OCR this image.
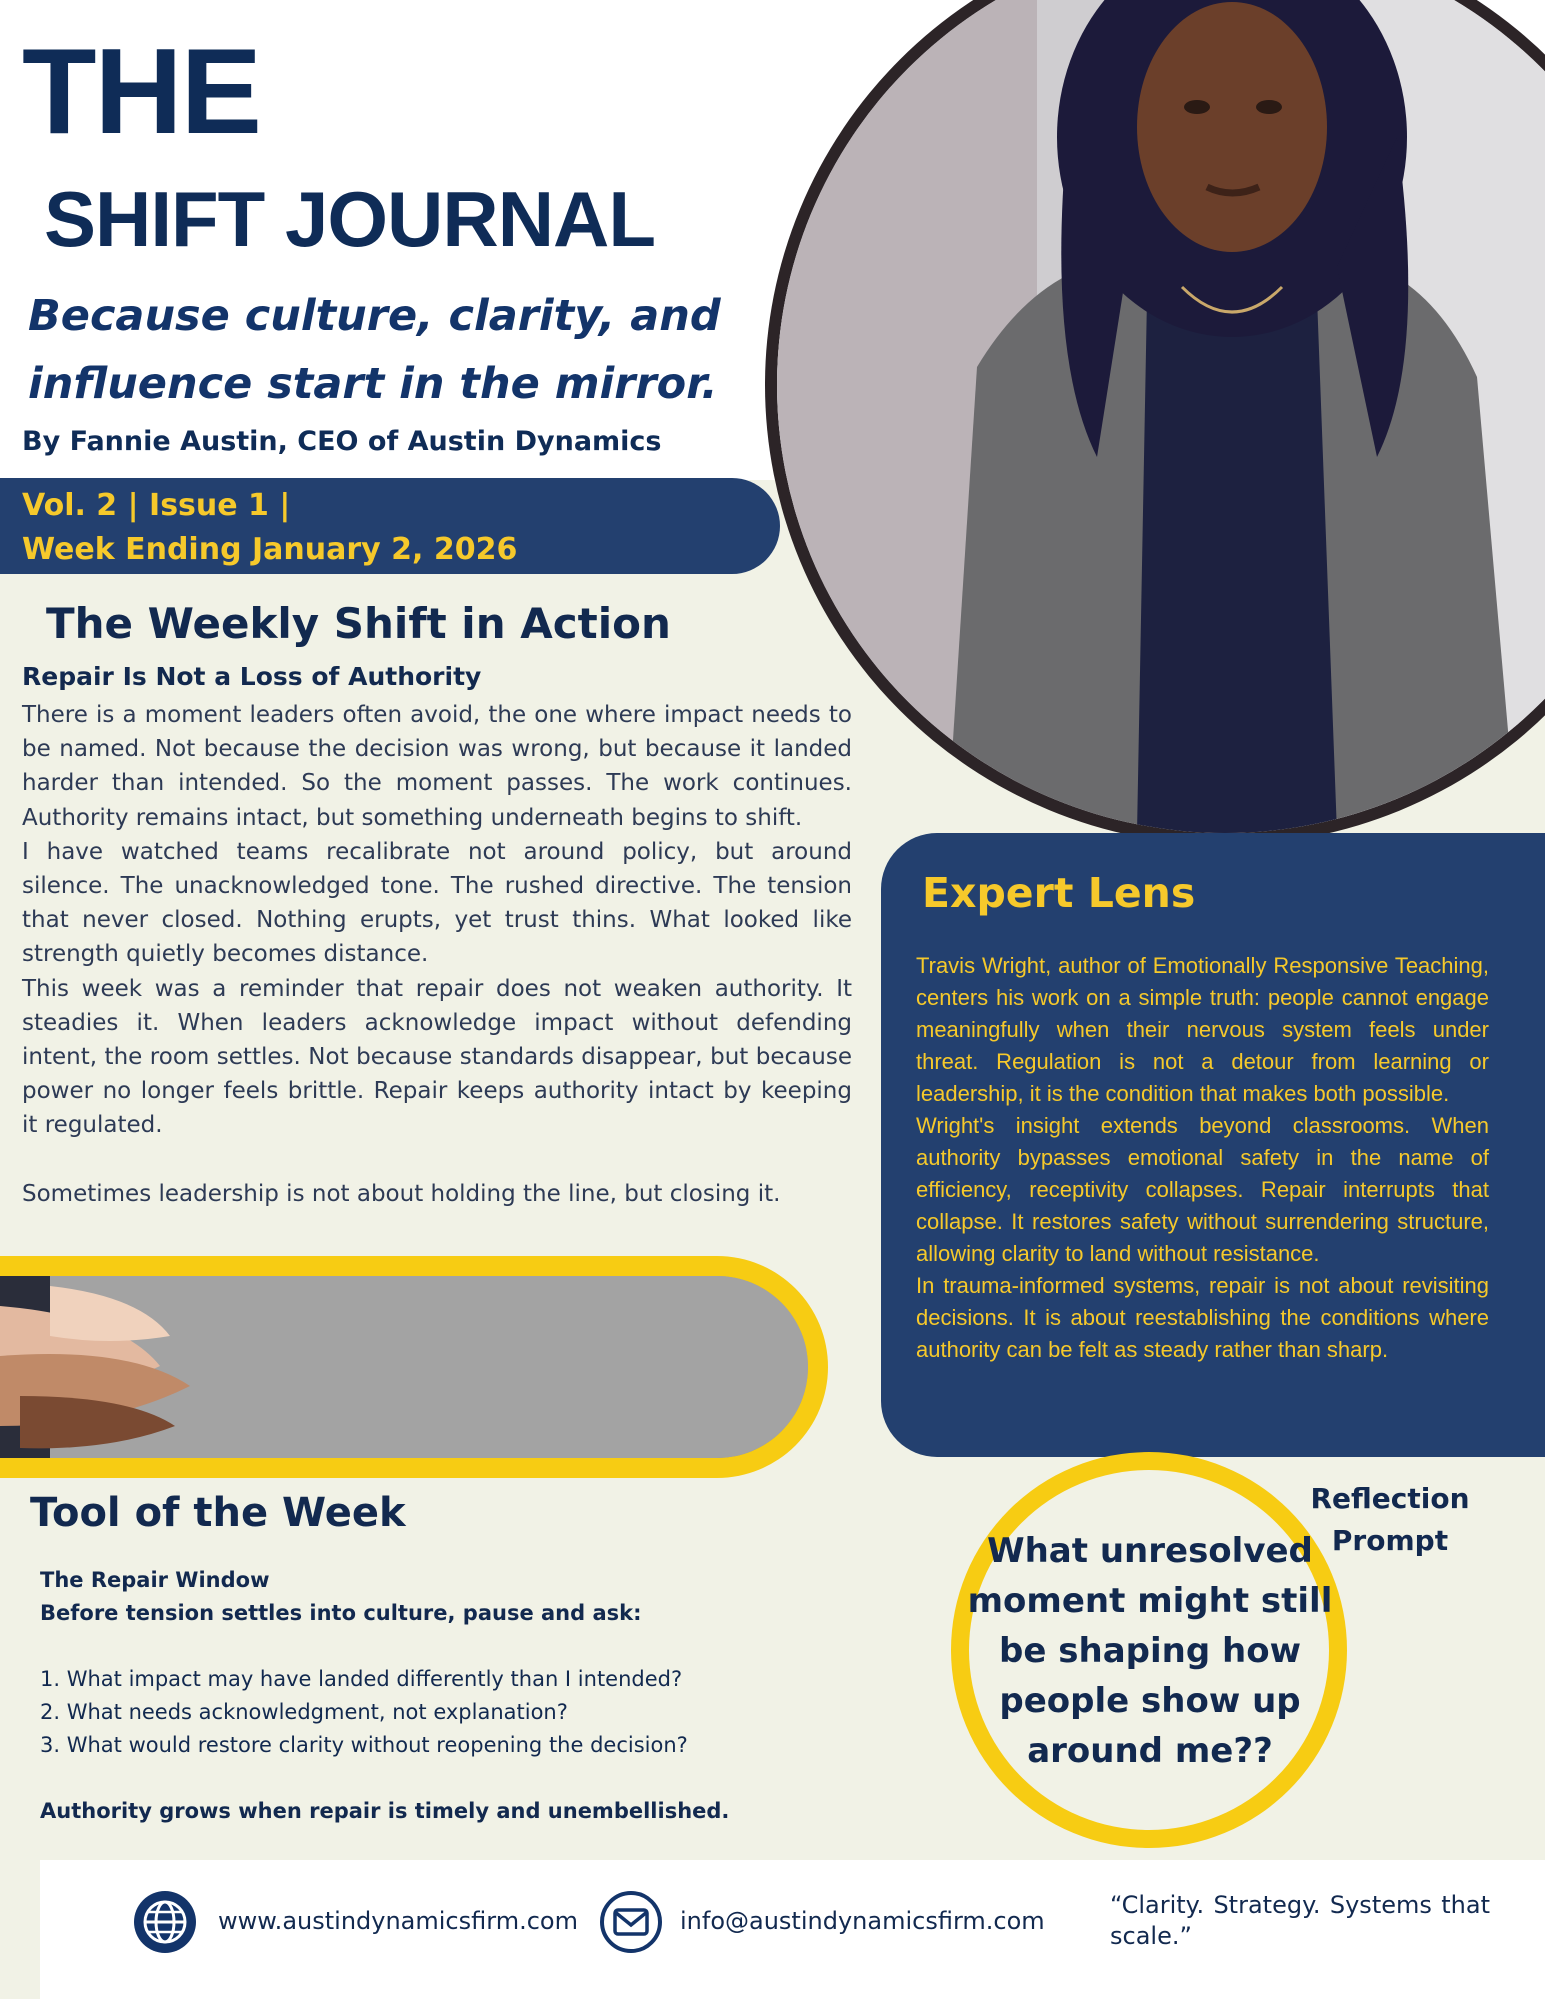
THE
SHIFT JOURNAL
Because culture, clarity, and influence start in the mirror.
By Fannie Austin, CEO of Austin Dynamics
Vol. 2 | Issue 1 |
Week Ending January 2, 2026
The Weekly Shift in Action
Repair Is Not a Loss of Authority

There is a moment leaders often avoid, the one where impact needs to be named. Not because the decision was wrong, but because it landed harder than intended. So the moment passes. The work continues. Authority remains intact, but something underneath begins to shift.

I have watched teams recalibrate not around policy, but around silence. The unacknowledged tone. The rushed directive. The tension that never closed. Nothing erupts, yet trust thins. What looked like strength quietly becomes distance.

This week was a reminder that repair does not weaken authority. It steadies it. When leaders acknowledge impact without defending intent, the room settles. Not because standards disappear, but because power no longer feels brittle. Repair keeps authority intact by keeping it regulated.

Sometimes leadership is not about holding the line, but closing it.

Expert Lens

Travis Wright, author of Emotionally Responsive Teaching, centers his work on a simple truth: people cannot engage meaningfully when their nervous system feels under threat. Regulation is not a detour from learning or leadership, it is the condition that makes both possible.

Wright's insight extends beyond classrooms. When authority bypasses emotional safety in the name of efficiency, receptivity collapses. Repair interrupts that collapse. It restores safety without surrendering structure, allowing clarity to land without resistance.

In trauma-informed systems, repair is not about revisiting decisions. It is about reestablishing the conditions where authority can be felt as steady rather than sharp.

Tool of the Week
The Repair Window
Before tension settles into culture, pause and ask:
1. What impact may have landed differently than I intended?
2. What needs acknowledgment, not explanation?
3. What would restore clarity without reopening the decision?
Authority grows when repair is timely and unembellished.
Reflection Prompt
What unresolved moment might still be shaping how people show up around me??
www.austindynamicsfirm.com	info@austindynamicsfirm.com
“Clarity. Strategy. Systems that scale.”
